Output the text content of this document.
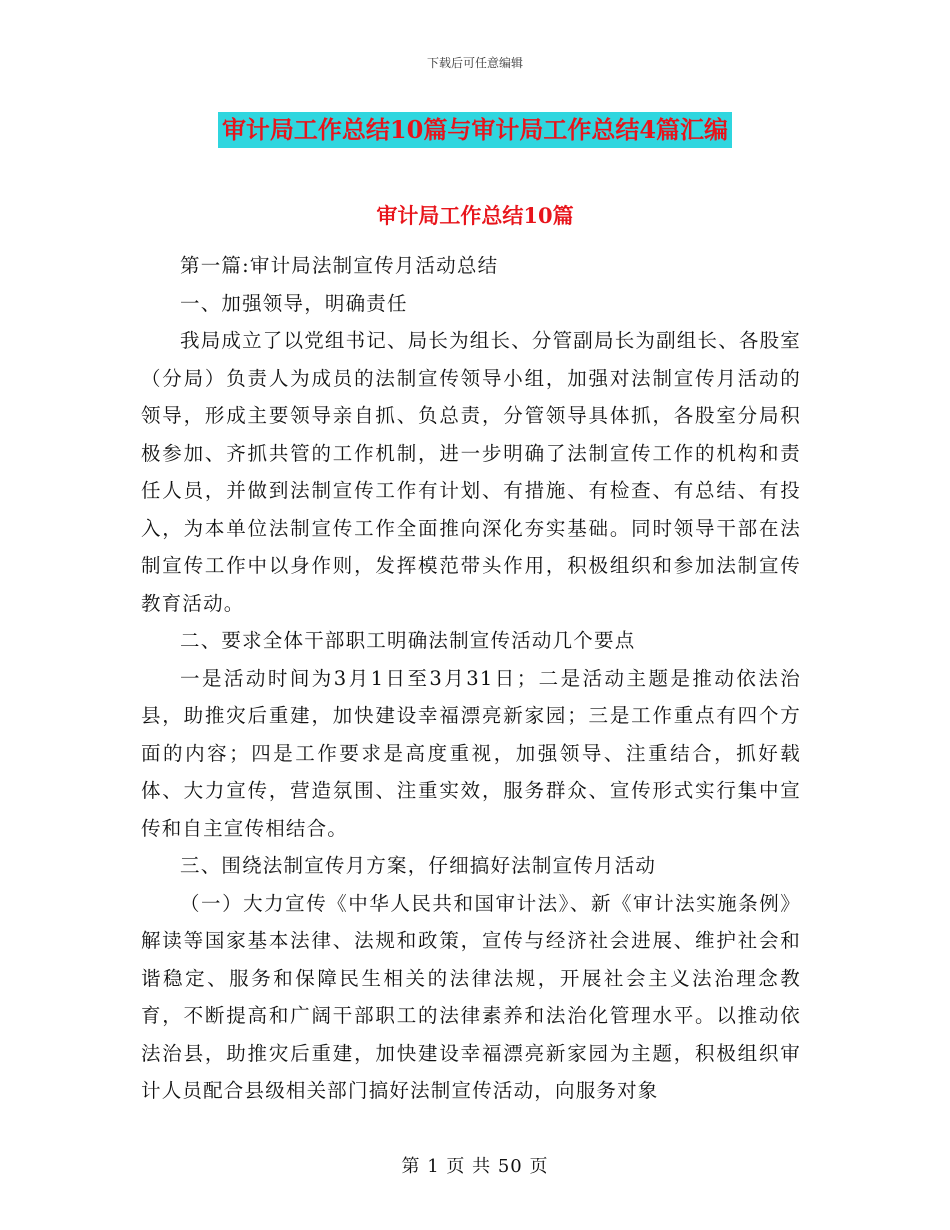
下载后可任意编辑
审计局工作总结10篇与审计局工作总结4篇汇编
审计局工作总结10篇

第一篇:审计局法制宣传月活动总结

一、加强领导，明确责任

我局成立了以党组书记、局长为组长、分管副局长为副组长、各股室（分局）负责人为成员的法制宣传领导小组，加强对法制宣传月活动的领导，形成主要领导亲自抓、负总责，分管领导具体抓，各股室分局积极参加、齐抓共管的工作机制，进一步明确了法制宣传工作的机构和责任人员，并做到法制宣传工作有计划、有措施、有检查、有总结、有投入，为本单位法制宣传工作全面推向深化夯实基础。同时领导干部在法制宣传工作中以身作则，发挥模范带头作用，积极组织和参加法制宣传教育活动。

二、要求全体干部职工明确法制宣传活动几个要点

一是活动时间为3月1日至3月31日；二是活动主题是推动依法治县，助推灾后重建，加快建设幸福漂亮新家园；三是工作重点有四个方面的内容；四是工作要求是高度重视，加强领导、注重结合，抓好载体、大力宣传，营造氛围、注重实效，服务群众、宣传形式实行集中宣传和自主宣传相结合。

三、围绕法制宣传月方案，仔细搞好法制宣传月活动

（一）大力宣传《中华人民共和国审计法》、新《审计法实施条例》解读等国家基本法律、法规和政策，宣传与经济社会进展、维护社会和谐稳定、服务和保障民生相关的法律法规，开展社会主义法治理念教育，不断提高和广阔干部职工的法律素养和法治化管理水平。以推动依法治县，助推灾后重建，加快建设幸福漂亮新家园为主题，积极组织审计人员配合县级相关部门搞好法制宣传活动，向服务对象

第 1 页 共 50 页
